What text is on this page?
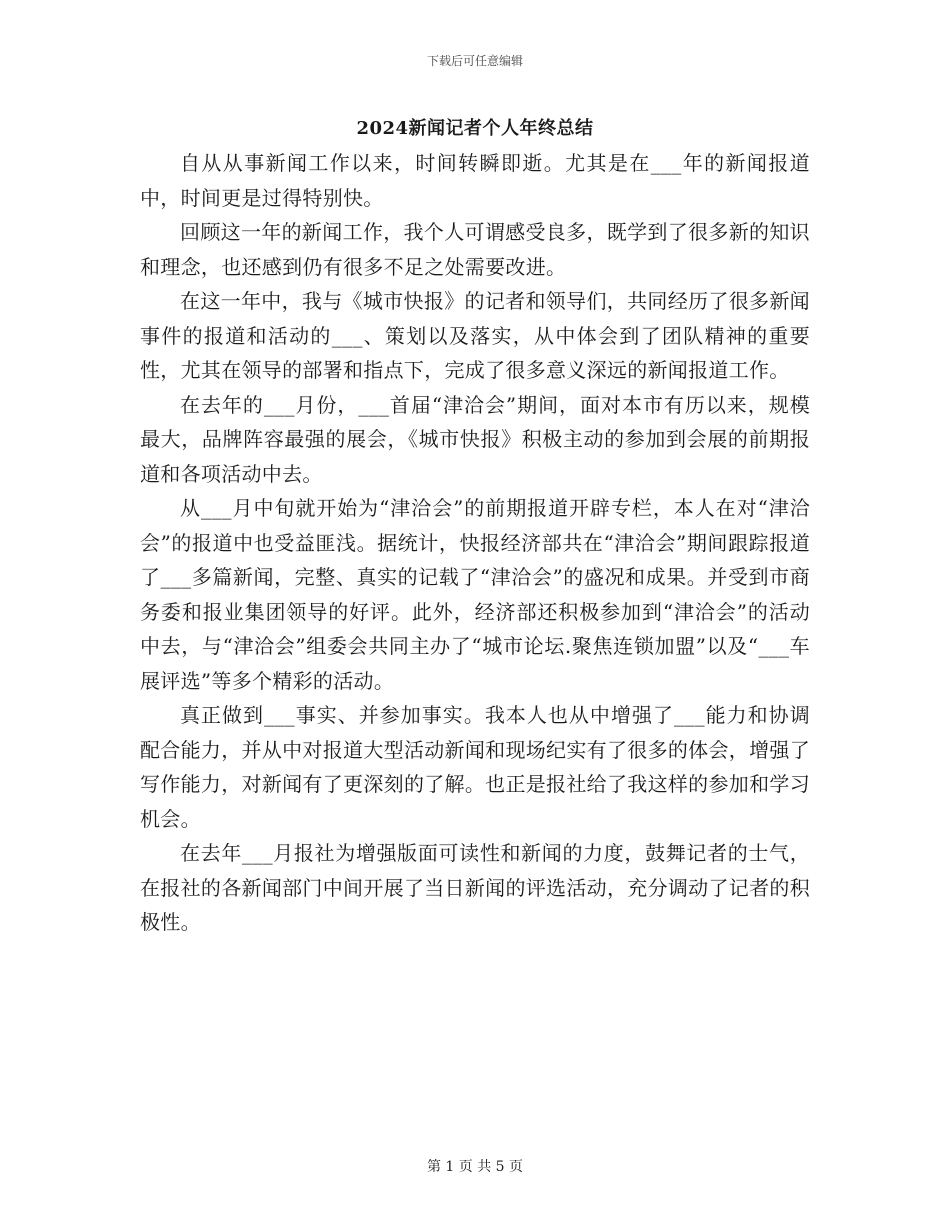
下载后可任意编辑
2024新闻记者个人年终总结

自从从事新闻工作以来，时间转瞬即逝。尤其是在___年的新闻报道中，时间更是过得特别快。

回顾这一年的新闻工作，我个人可谓感受良多，既学到了很多新的知识和理念，也还感到仍有很多不足之处需要改进。

在这一年中，我与《城市快报》的记者和领导们，共同经历了很多新闻事件的报道和活动的___、策划以及落实，从中体会到了团队精神的重要性，尤其在领导的部署和指点下，完成了很多意义深远的新闻报道工作。

在去年的___月份，___首届“津洽会”期间，面对本市有历以来，规模最大，品牌阵容最强的展会，《城市快报》积极主动的参加到会展的前期报道和各项活动中去。

从___月中旬就开始为“津洽会”的前期报道开辟专栏，本人在对“津洽会”的报道中也受益匪浅。据统计，快报经济部共在“津洽会”期间跟踪报道了___多篇新闻，完整、真实的记载了“津洽会”的盛况和成果。并受到市商务委和报业集团领导的好评。此外，经济部还积极参加到“津洽会”的活动中去，与“津洽会”组委会共同主办了“城市论坛.聚焦连锁加盟”以及“___车展评选”等多个精彩的活动。

真正做到___事实、并参加事实。我本人也从中增强了___能力和协调配合能力，并从中对报道大型活动新闻和现场纪实有了很多的体会，增强了写作能力，对新闻有了更深刻的了解。也正是报社给了我这样的参加和学习机会。

在去年___月报社为增强版面可读性和新闻的力度，鼓舞记者的士气，在报社的各新闻部门中间开展了当日新闻的评选活动，充分调动了记者的积极性。

第 1 页 共 5 页
